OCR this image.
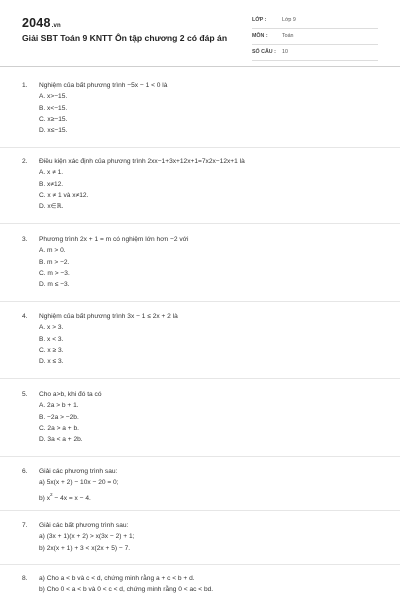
2048.vn
Giải SBT Toán 9 KNTT Ôn tập chương 2 có đáp án
LỚP :	Lớp 9
MÔN :	Toán
SỐ CÂU : 10
1. Nghiệm của bất phương trình −5x − 1 < 0 là
A. x>−15.
B. x<−15.
C. x≥−15.
D. x≤−15.
2. Điều kiện xác định của phương trình 2xx−1+3x+12x+1=7x2x−12x+1 là
A. x ≠ 1.
B. x≠12.
C. x ≠ 1 và x≠12.
D. x∈ℝ.
3. Phương trình 2x + 1 = m có nghiệm lớn hơn −2 với
A. m > 0.
B. m > −2.
C. m > −3.
D. m ≤ −3.
4. Nghiệm của bất phương trình 3x − 1 ≤ 2x + 2 là
A. x > 3.
B. x < 3.
C. x ≥ 3.
D. x ≤ 3.
5. Cho a>b, khi đó ta có
A. 2a > b + 1.
B. −2a > −2b.
C. 2a > a + b.
D. 3a < a + 2b.
6. Giải các phương trình sau:
a) 5x(x + 2) − 10x − 20 = 0;
b) $x^2 - 4x = x - 4$.
7. Giải các bất phương trình sau:
a) (3x + 1)(x + 2) > x(3x − 2) + 1;
b) 2x(x + 1) + 3 < x(2x + 5) − 7.
8. a) Cho a < b và c < d, chứng minh rằng a + c < b + d.
b) Cho 0 < a < b và 0 < c < d, chứng minh rằng 0 < ac < bd.
